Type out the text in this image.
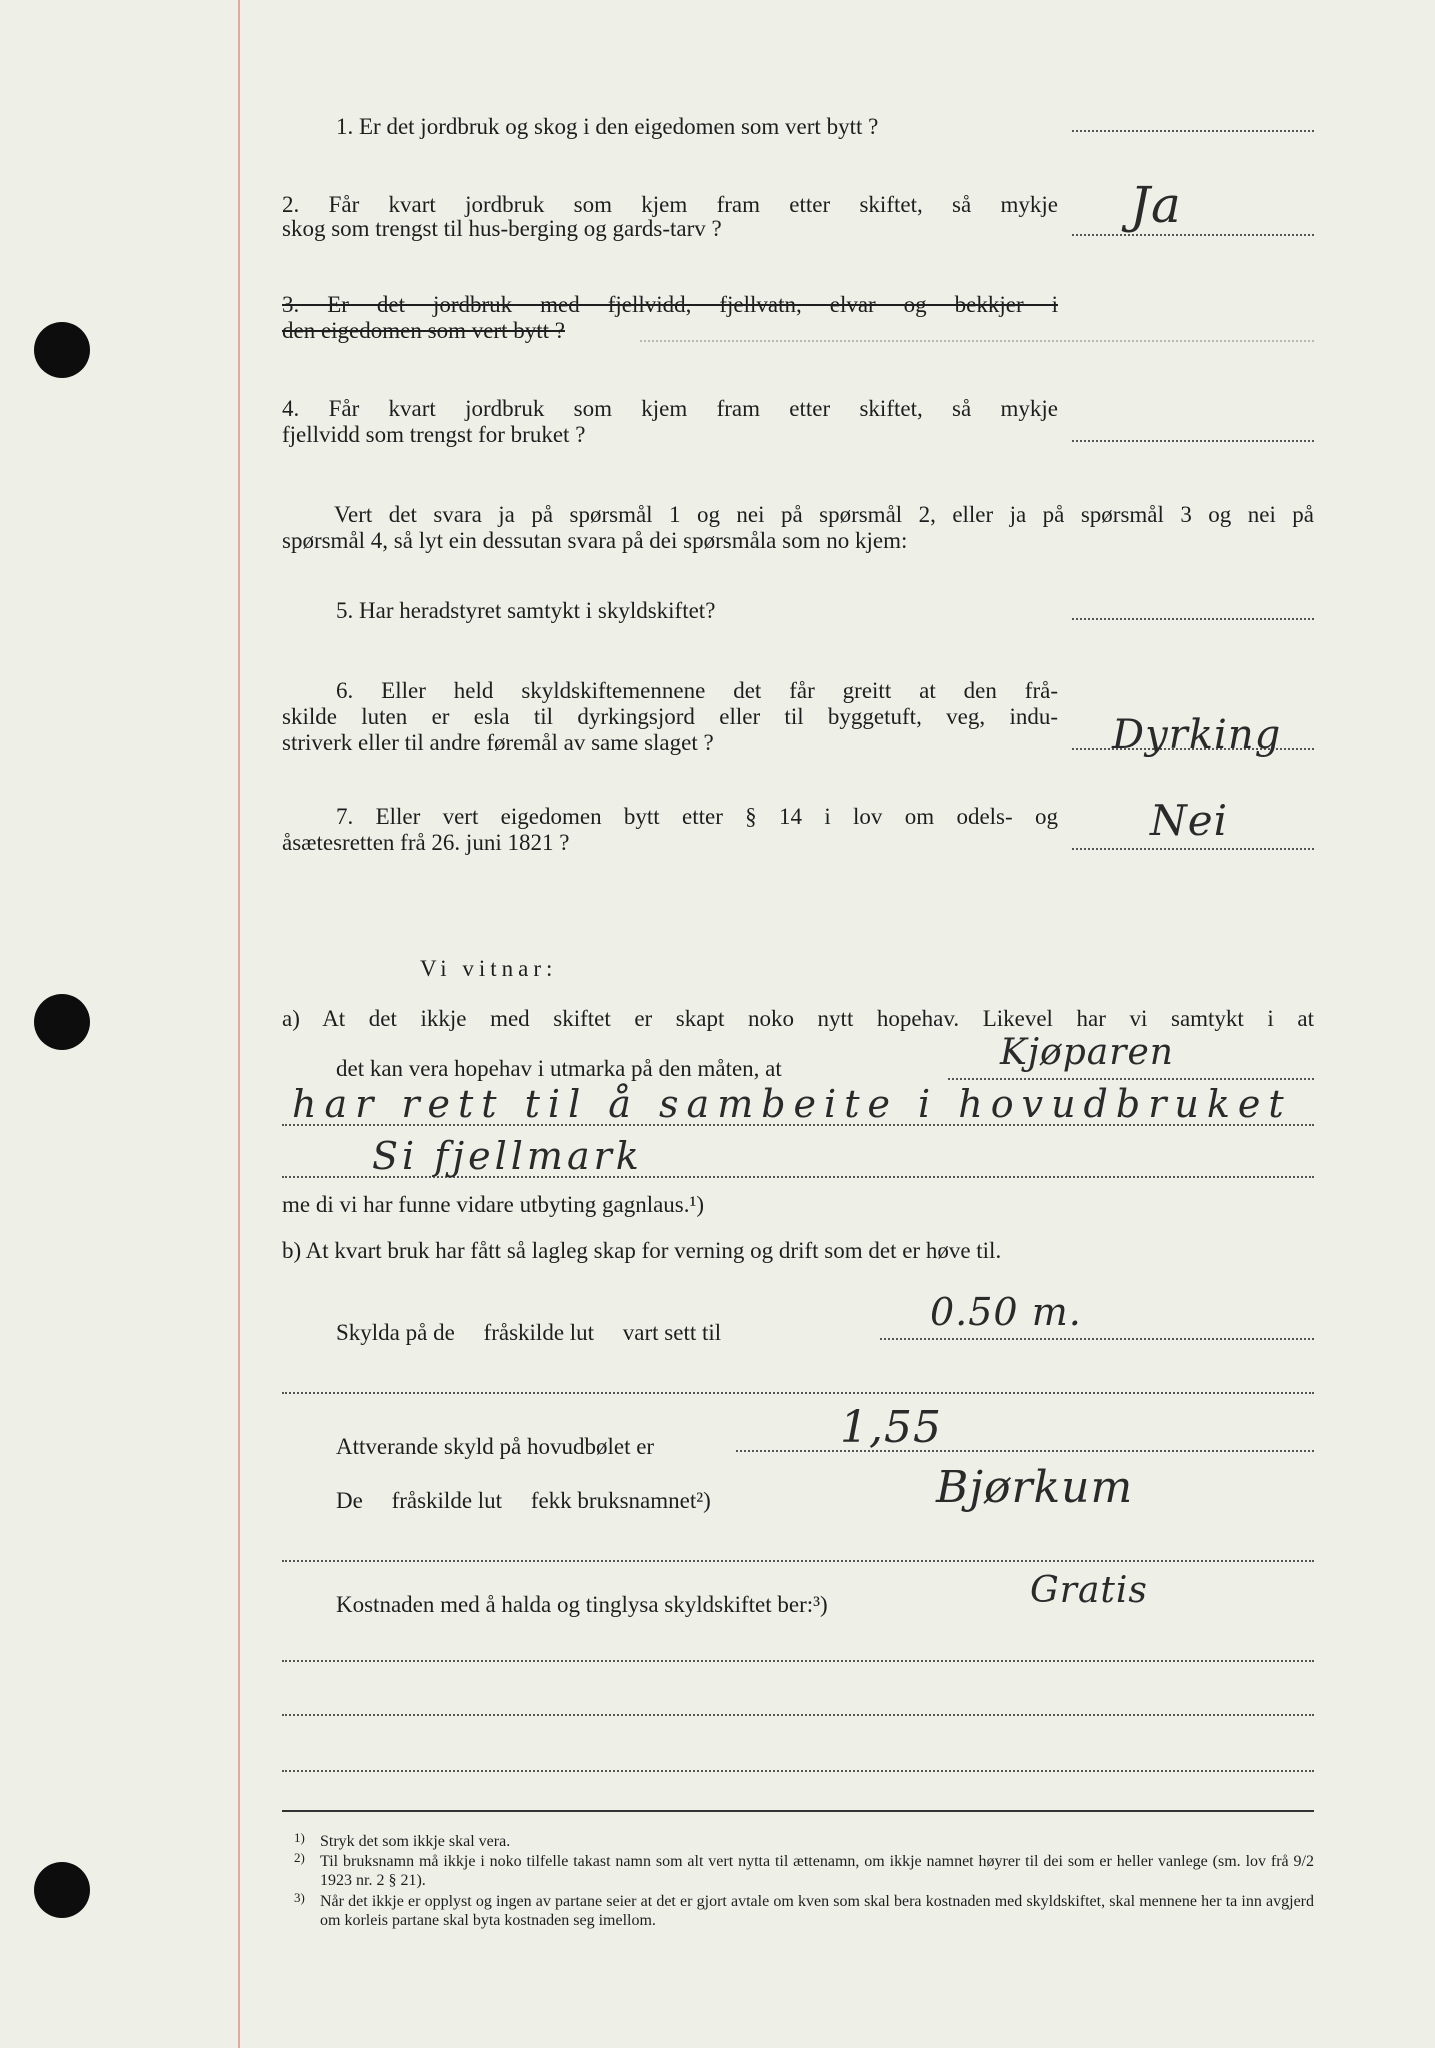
1. Er det jordbruk og skog i den eigedomen som vert bytt ?
2. Får kvart jordbruk som kjem fram etter skiftet, så mykje
skog som trengst til hus-berging og gards-tarv ?	Ja
3. Er det jordbruk med fjellvidd, fjellvatn, elvar og bekkjer i
den eigedomen som vert bytt ?
4. Får kvart jordbruk som kjem fram etter skiftet, så mykje
fjellvidd som trengst for bruket ?
Vert det svara ja på spørsmål 1 og nei på spørsmål 2, eller ja på spørsmål 3 og nei på
spørsmål 4, så lyt ein dessutan svara på dei spørsmåla som no kjem:
5. Har heradstyret samtykt i skyldskiftet?
6. Eller held skyldskiftemennene det får greitt at den frå-
skilde luten er esla til dyrkingsjord eller til byggetuft, veg, indu-
striverk eller til andre føremål av same slaget ?	Dyrking
7. Eller vert eigedomen bytt etter § 14 i lov om odels- og
åsætesretten frå 26. juni 1821 ?	Nei
Vi vitnar:
a) At det ikkje med skiftet er skapt noko nytt hopehav. Likevel har vi samtykt i at
det kan vera hopehav i utmarka på den måten, at	Kjøparen
har rett til å sambeite i hovudbruket
Si fjellmark
me di vi har funne vidare utbyting gagnlaus.¹)
b) At kvart bruk har fått så lagleg skap for verning og drift som det er høve til.
Skylda på de     fråskilde lut     vart sett til	0.50 m.
Attverande skyld på hovudbølet er	1,55
De     fråskilde lut     fekk bruksnamnet²)	Bjørkum
Kostnaden med å halda og tinglysa skyldskiftet ber:³)	Gratis
1) Stryk det som ikkje skal vera.
2) Til bruksnamn må ikkje i noko tilfelle takast namn som alt vert nytta til ættenamn, om ikkje namnet høyrer til dei som er heller vanlege (sm. lov frå 9/2 1923 nr. 2 § 21).
3) Når det ikkje er opplyst og ingen av partane seier at det er gjort avtale om kven som skal bera kostnaden med skyldskiftet, skal mennene her ta inn avgjerd om korleis partane skal byta kostnaden seg imellom.
